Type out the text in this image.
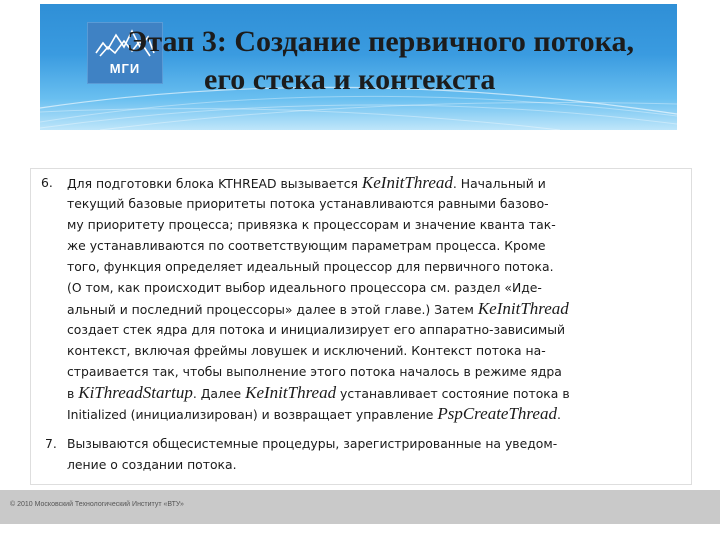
МГИ
Этап 3: Создание первичного потока,
его стека и контекста
6. Для подготовки блока KTHREAD вызывается KeInitThread. Начальный и

текущий базовые приоритеты потока устанавливаются равными базово-

му приоритету процесса; привязка к процессорам и значение кванта так-

же устанавливаются по соответствующим параметрам процесса. Кроме

того, функция определяет идеальный процессор для первичного потока.

(О том, как происходит выбор идеального процессора см. раздел «Иде-

альный и последний процессоры» далее в этой главе.) Затем KeInitThread

создает стек ядра для потока и инициализирует его аппаратно-зависимый

контекст, включая фреймы ловушек и исключений. Контекст потока на-

страивается так, чтобы выполнение этого потока началось в режиме ядра

в KiThreadStartup. Далее KeInitThread устанавливает состояние потока в

Initialized (инициализирован) и возвращает управление PspCreateThread.

7. Вызываются общесистемные процедуры, зарегистрированные на уведом-

ление о создании потока.

© 2010 Московский Технологический Институт «ВТУ»
